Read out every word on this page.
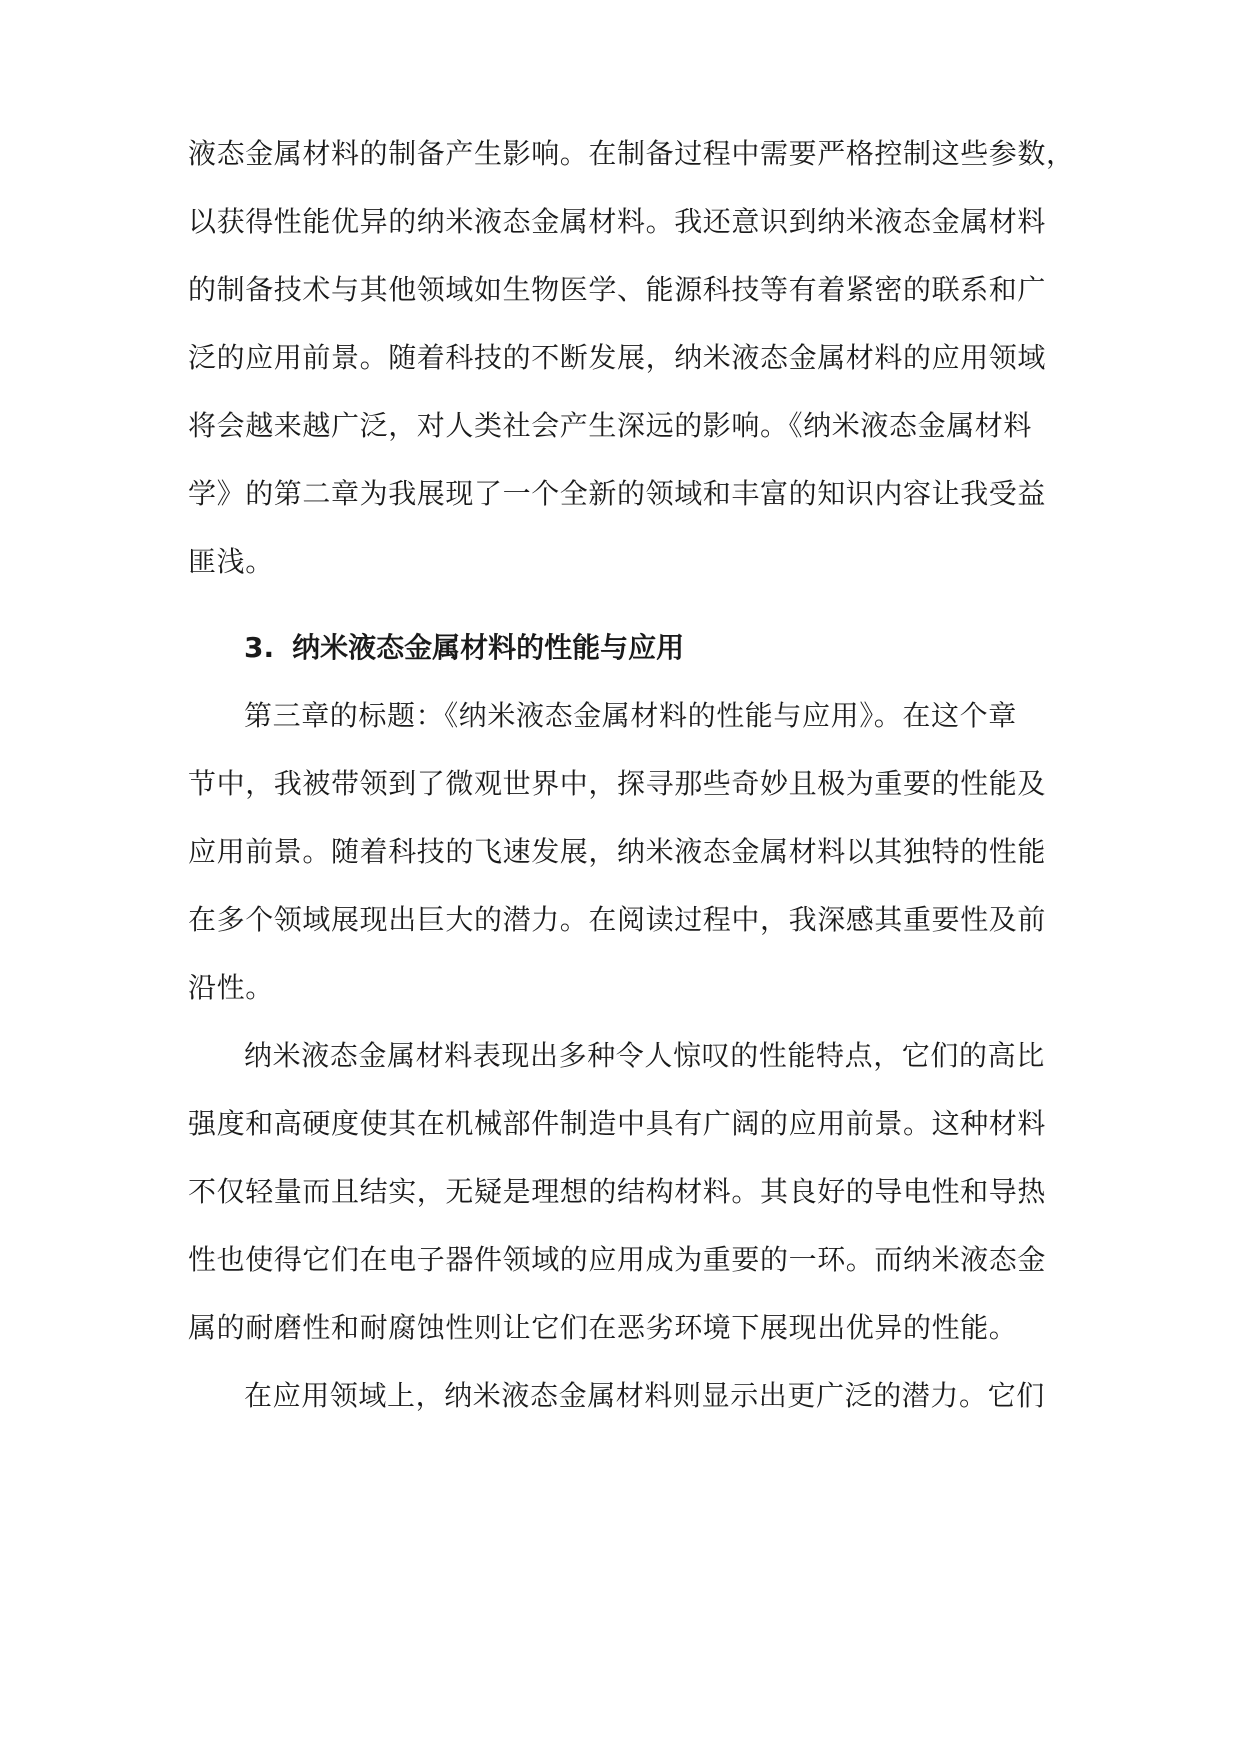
液态金属材料的制备产生影响。在制备过程中需要严格控制这些参数，
以获得性能优异的纳米液态金属材料。我还意识到纳米液态金属材料
的制备技术与其他领域如生物医学、能源科技等有着紧密的联系和广
泛的应用前景。随着科技的不断发展，纳米液态金属材料的应用领域
将会越来越广泛，对人类社会产生深远的影响。《纳米液态金属材料
学》的第二章为我展现了一个全新的领域和丰富的知识内容让我受益
匪浅。
3. 纳米液态金属材料的性能与应用
第三章的标题：《纳米液态金属材料的性能与应用》。在这个章
节中，我被带领到了微观世界中，探寻那些奇妙且极为重要的性能及
应用前景。随着科技的飞速发展，纳米液态金属材料以其独特的性能
在多个领域展现出巨大的潜力。在阅读过程中，我深感其重要性及前
沿性。
纳米液态金属材料表现出多种令人惊叹的性能特点，它们的高比
强度和高硬度使其在机械部件制造中具有广阔的应用前景。这种材料
不仅轻量而且结实，无疑是理想的结构材料。其良好的导电性和导热
性也使得它们在电子器件领域的应用成为重要的一环。而纳米液态金
属的耐磨性和耐腐蚀性则让它们在恶劣环境下展现出优异的性能。
在应用领域上，纳米液态金属材料则显示出更广泛的潜力。它们
